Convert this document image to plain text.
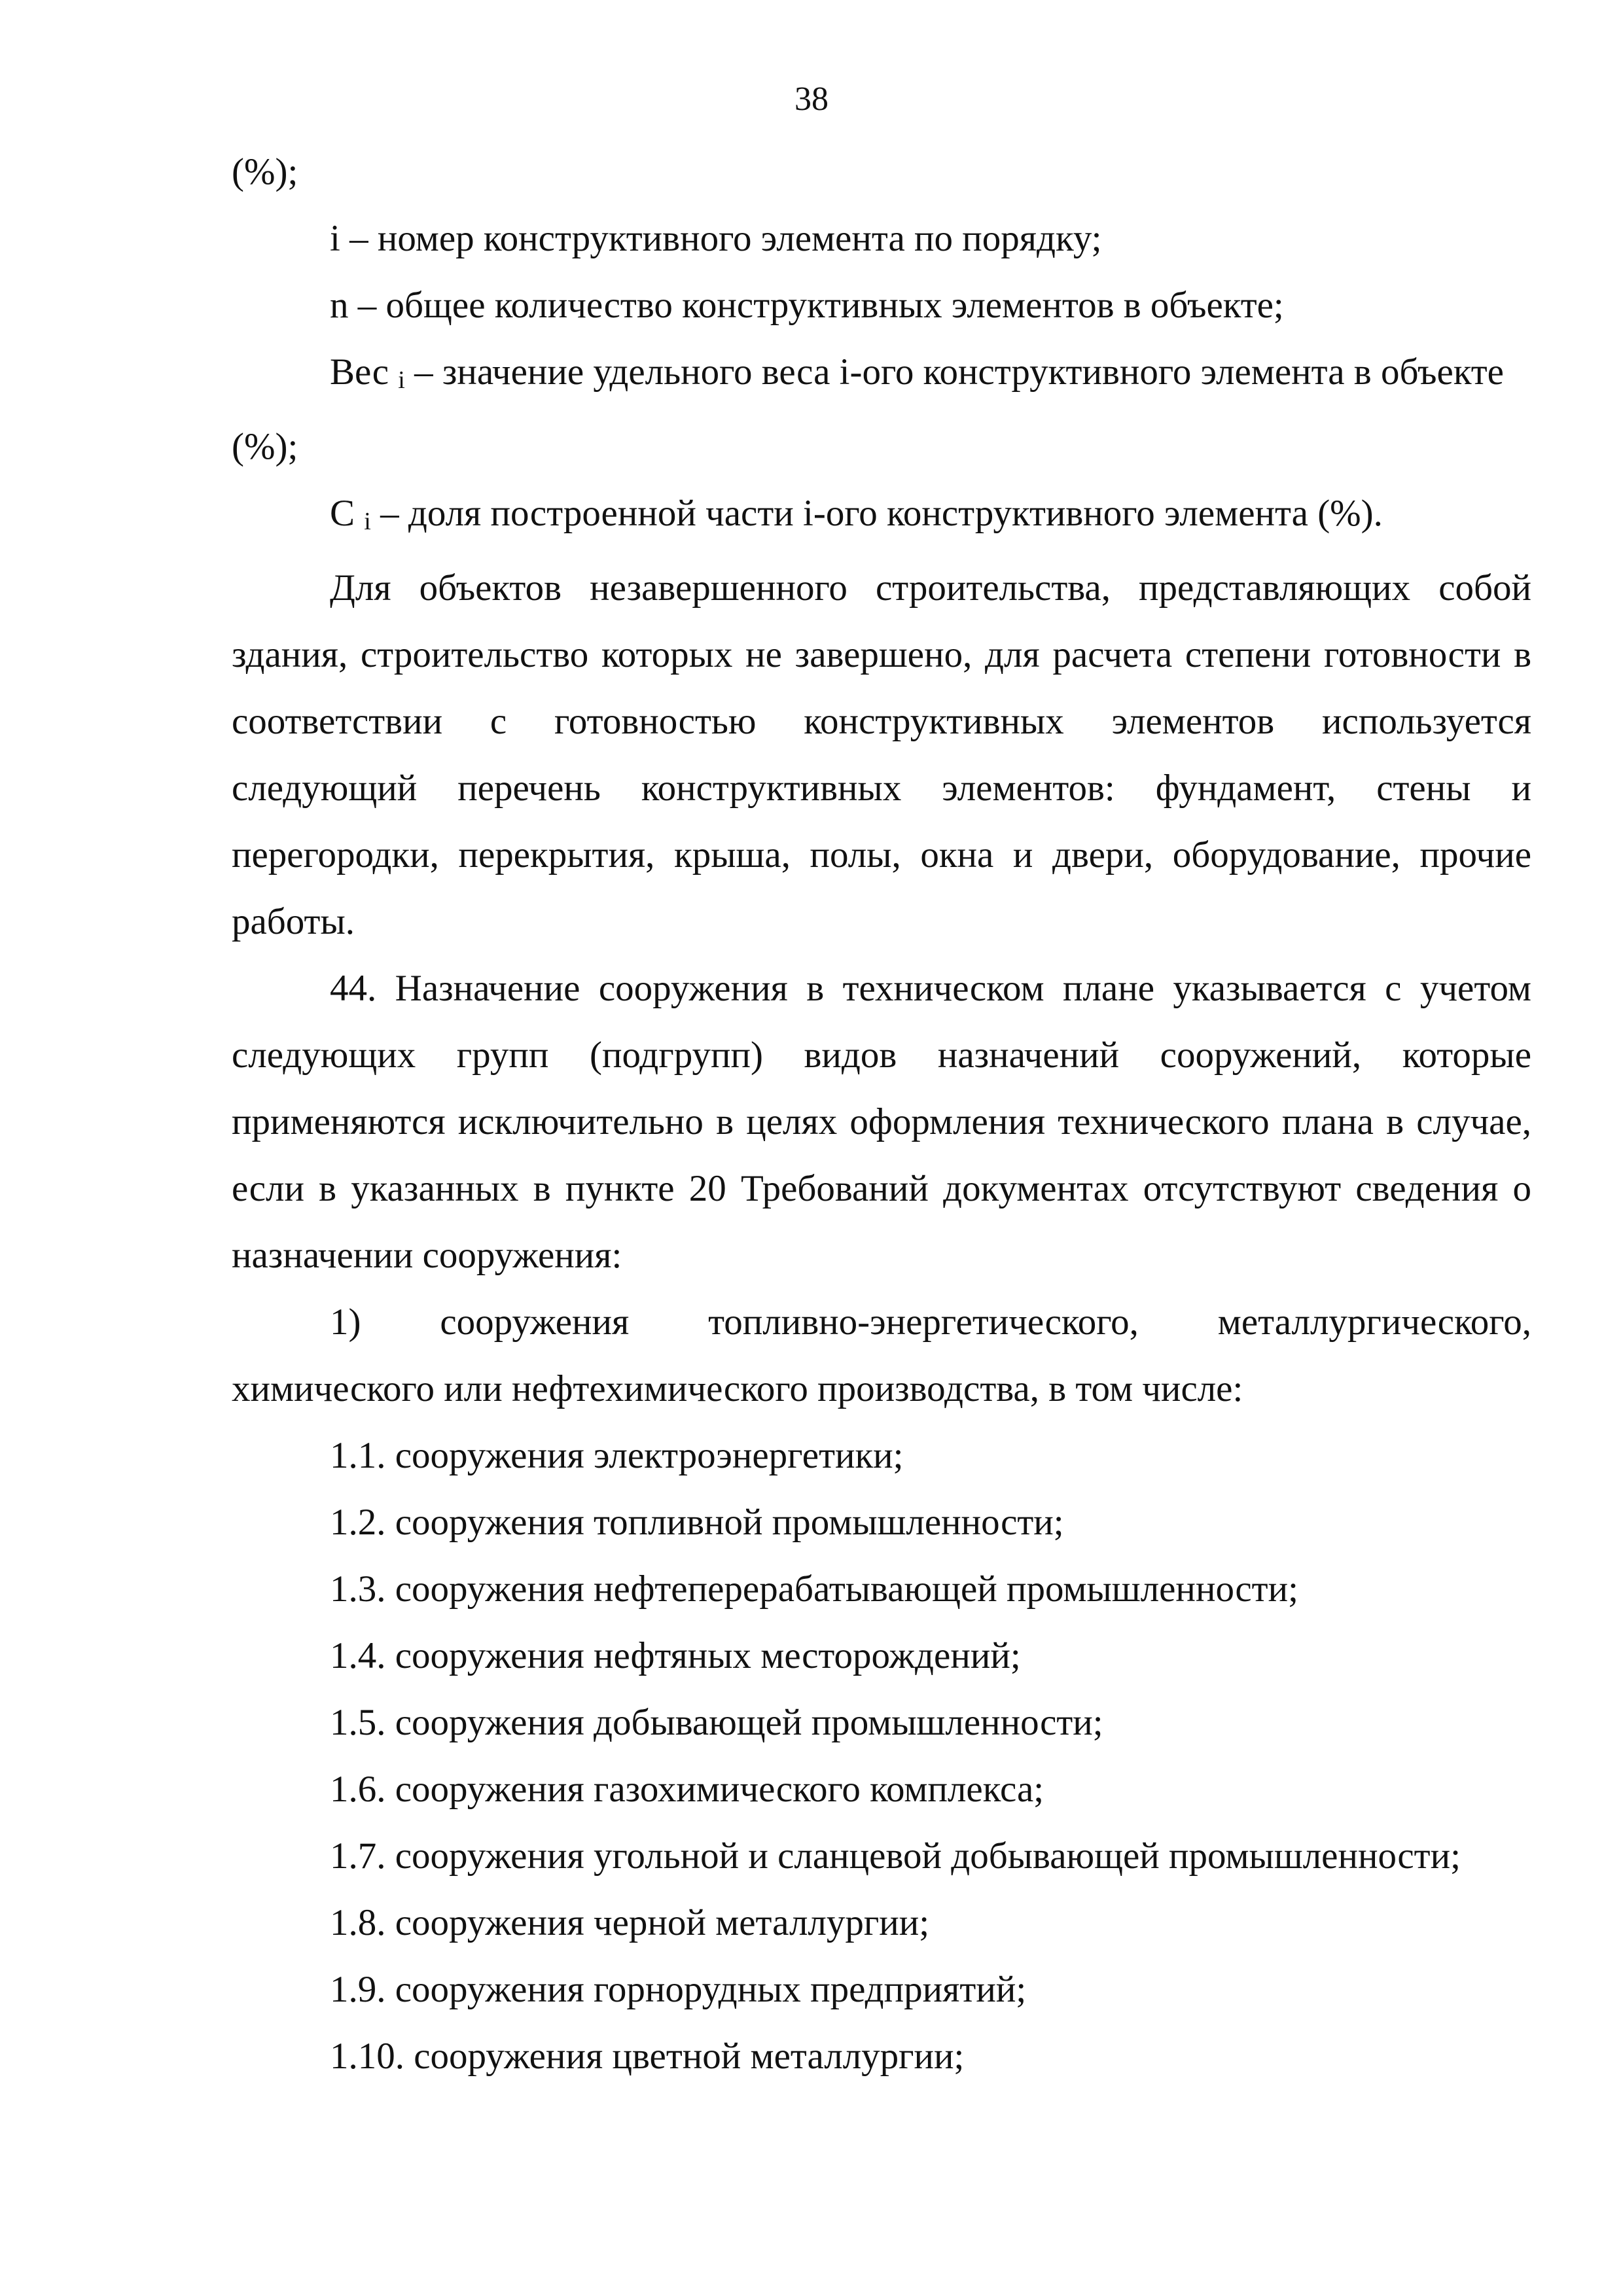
38

(%);

i – номер конструктивного элемента по порядку;

n – общее количество конструктивных элементов в объекте;

Вес i – значение удельного веса i-ого конструктивного элемента в объекте

(%);

С i – доля построенной части i-ого конструктивного элемента (%).

Для объектов незавершенного строительства, представляющих собой здания, строительство которых не завершено, для расчета степени готовности в соответствии с готовностью конструктивных элементов используется следующий перечень конструктивных элементов: фундамент, стены и перегородки, перекрытия, крыша, полы, окна и двери, оборудование, прочие работы.

44. Назначение сооружения в техническом плане указывается с учетом следующих групп (подгрупп) видов назначений сооружений, которые применяются исключительно в целях оформления технического плана в случае, если в указанных в пункте 20 Требований документах отсутствуют сведения о назначении сооружения:

1) сооружения топливно-энергетического, металлургического, химического или нефтехимического производства, в том числе:

1.1. сооружения электроэнергетики;

1.2. сооружения топливной промышленности;

1.3. сооружения нефтеперерабатывающей промышленности;

1.4. сооружения нефтяных месторождений;

1.5. сооружения добывающей промышленности;

1.6. сооружения газохимического комплекса;

1.7. сооружения угольной и сланцевой добывающей промышленности;

1.8. сооружения черной металлургии;

1.9. сооружения горнорудных предприятий;

1.10. сооружения цветной металлургии;
